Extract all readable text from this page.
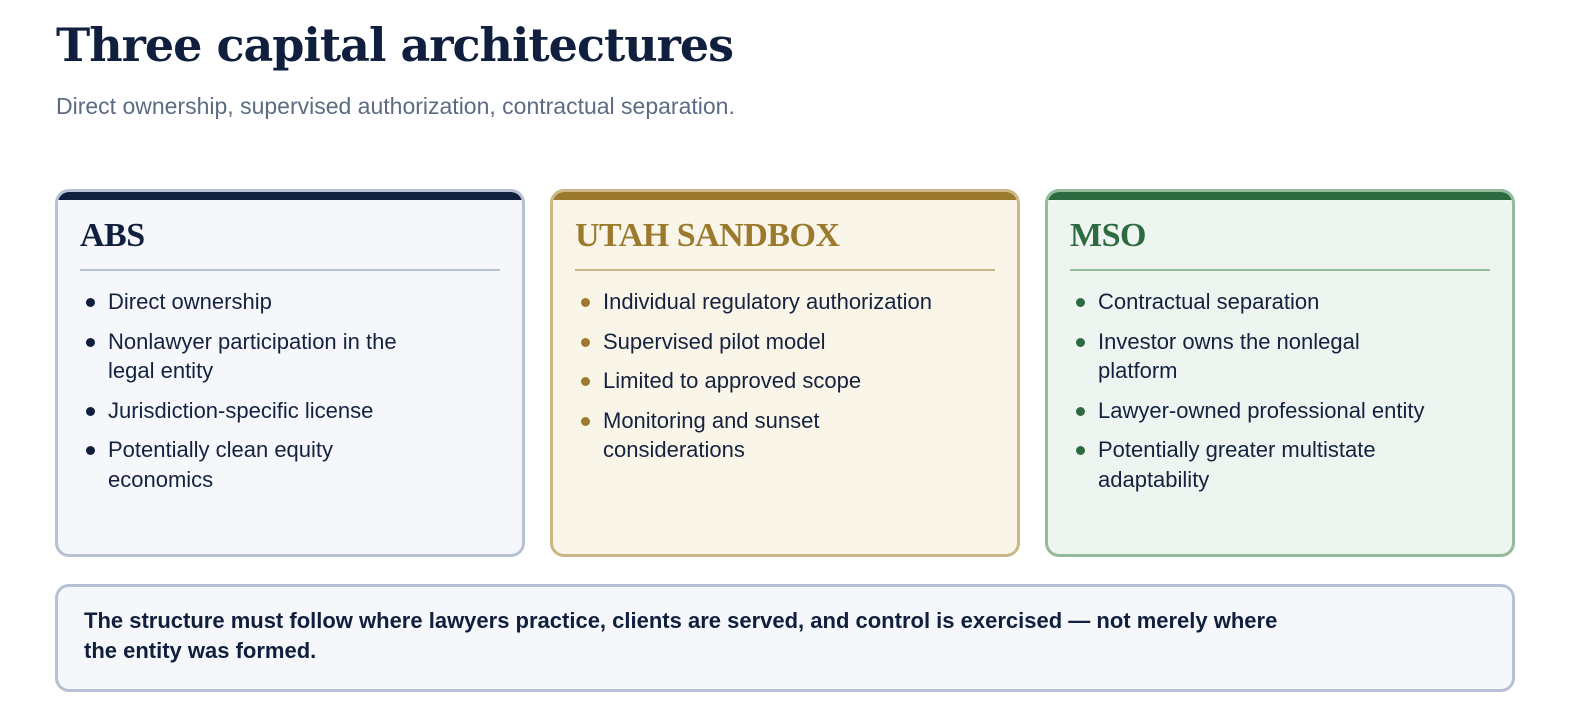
Three capital architectures

Direct ownership, supervised authorization, contractual separation.

ABS
Direct ownership
Nonlawyer participation in the legal entity
Jurisdiction-specific license
Potentially clean equity economics
UTAH SANDBOX
Individual regulatory authorization
Supervised pilot model
Limited to approved scope
Monitoring and sunset considerations
MSO
Contractual separation
Investor owns the nonlegal platform
Lawyer-owned professional entity
Potentially greater multistate adaptability

The structure must follow where lawyers practice, clients are served, and control is exercised — not merely where the entity was formed.
